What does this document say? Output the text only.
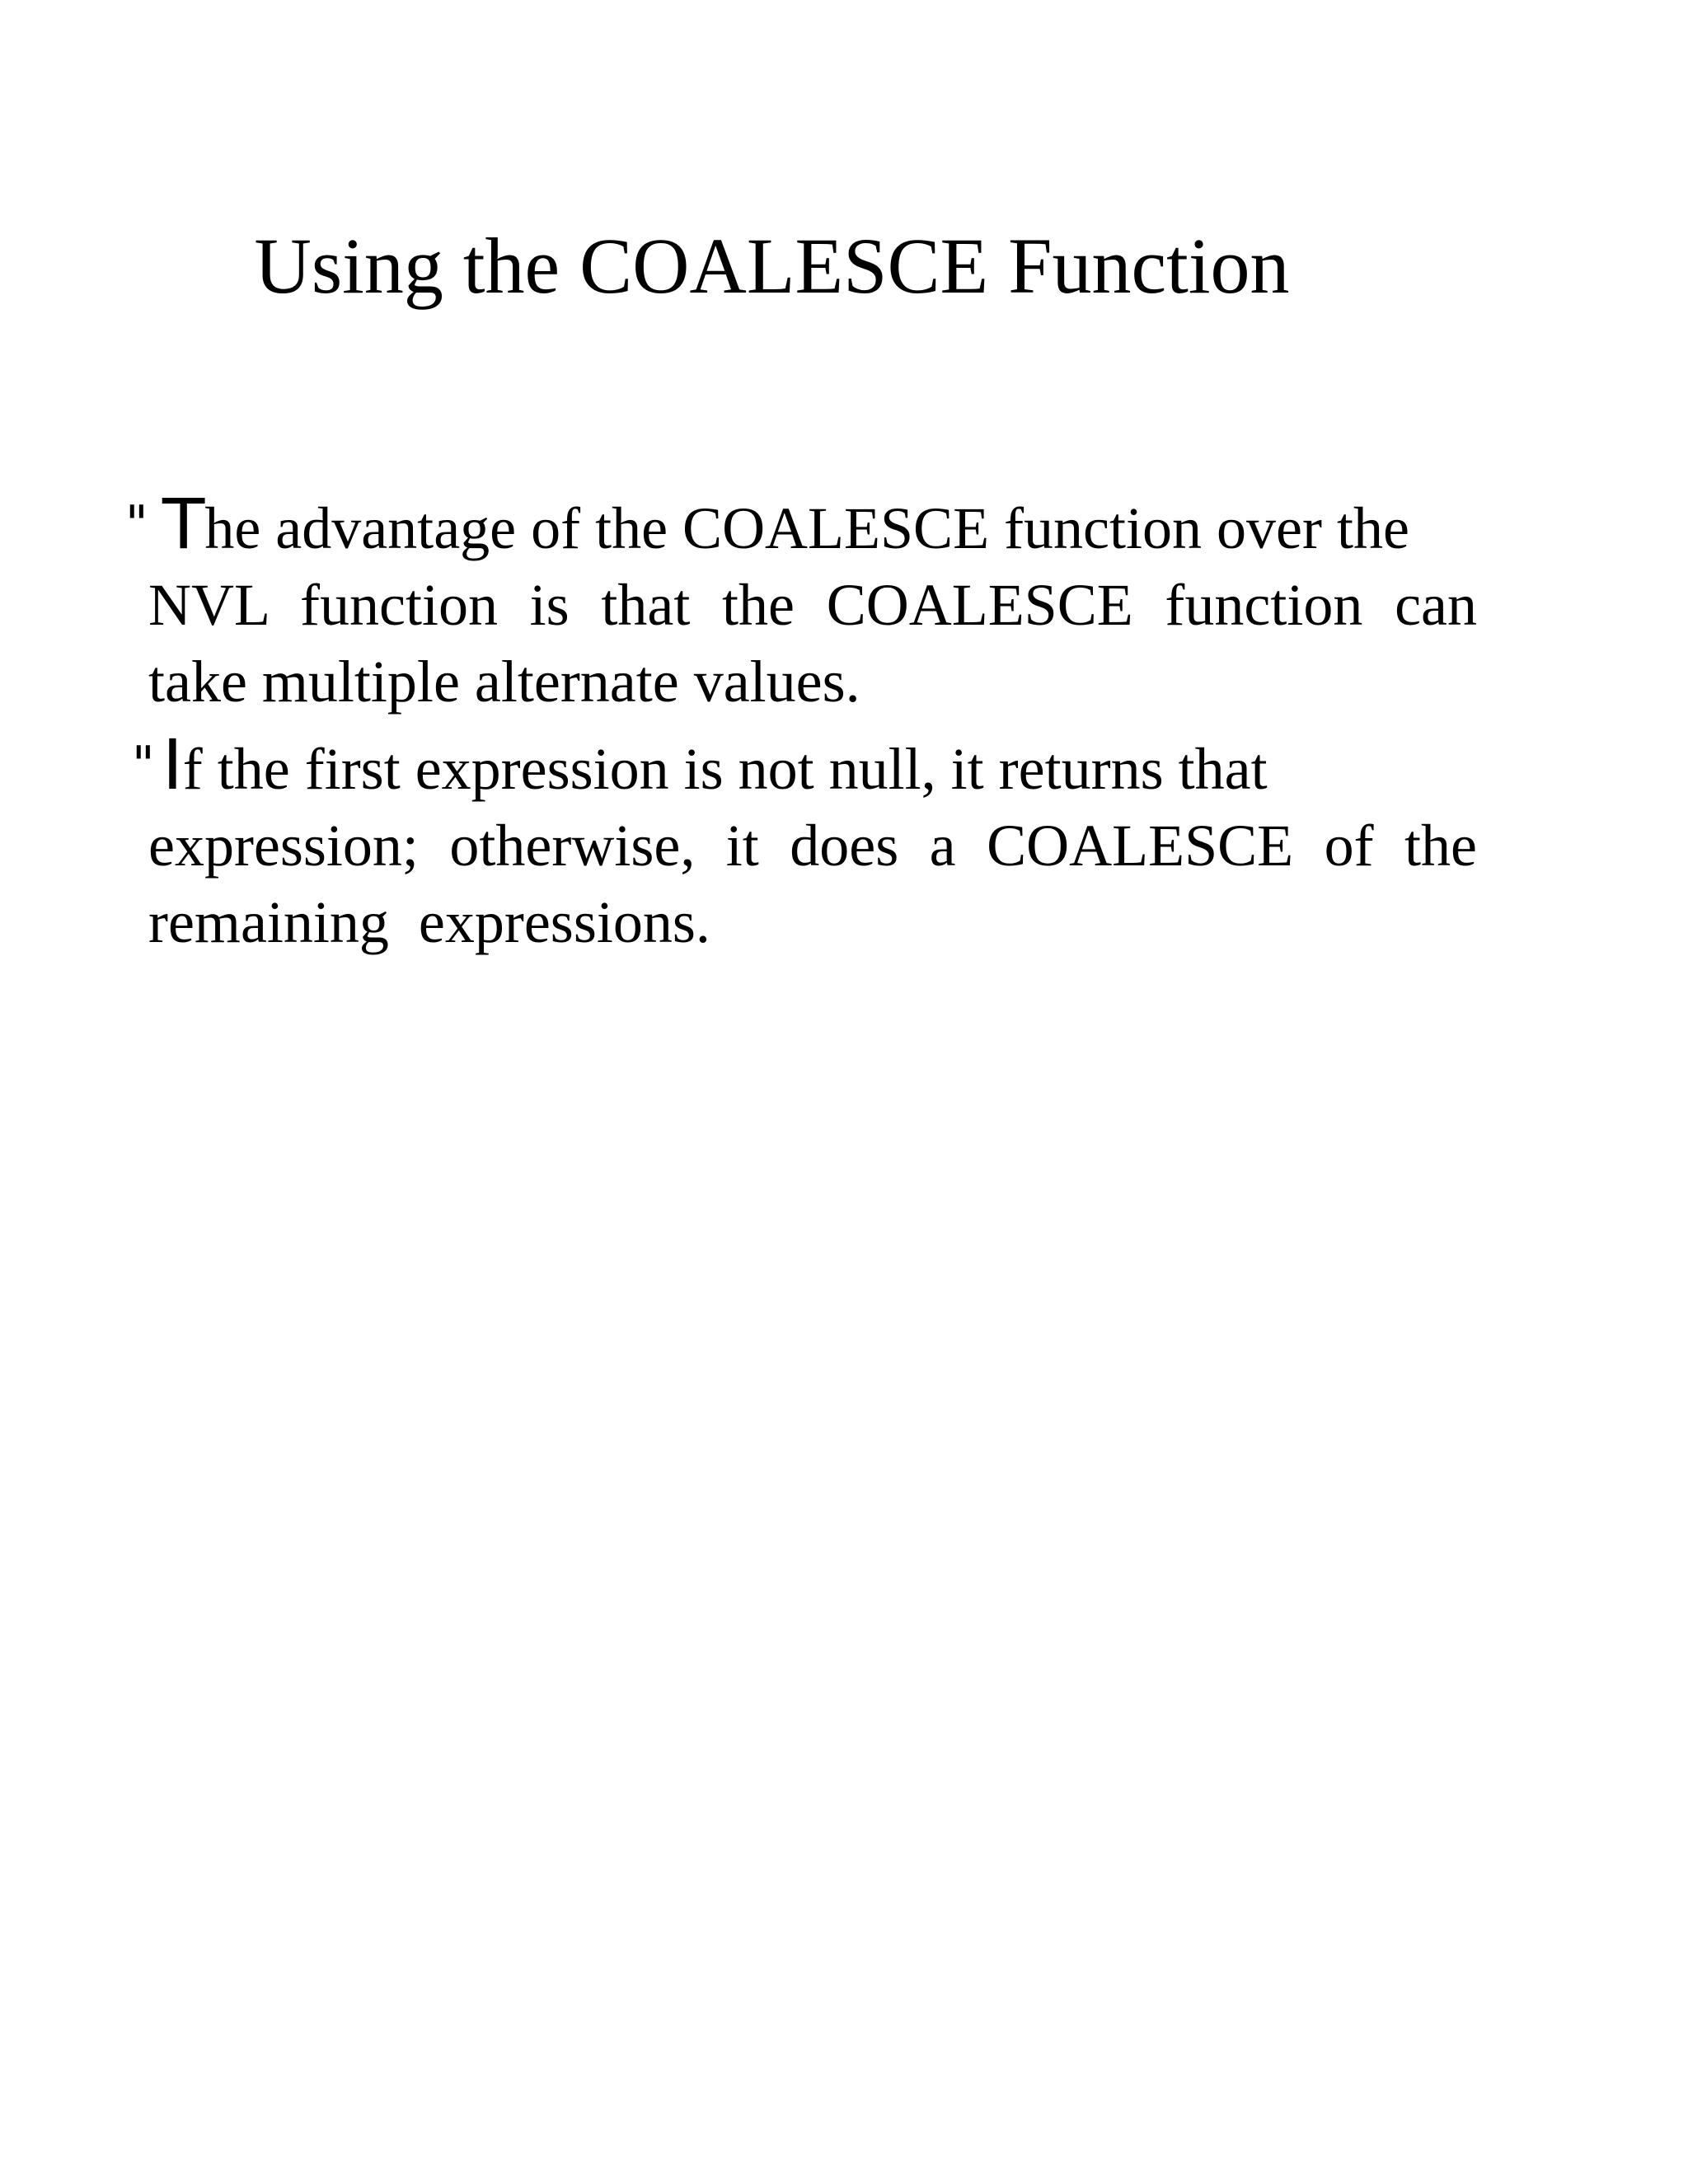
Using the COALESCE Function
" The advantage of the COALESCE function over the
NVL function is that the COALESCE function can
take multiple alternate values.
" If the first expression is not null, it returns that
expression; otherwise, it does a COALESCE of the
remaining  expressions.
